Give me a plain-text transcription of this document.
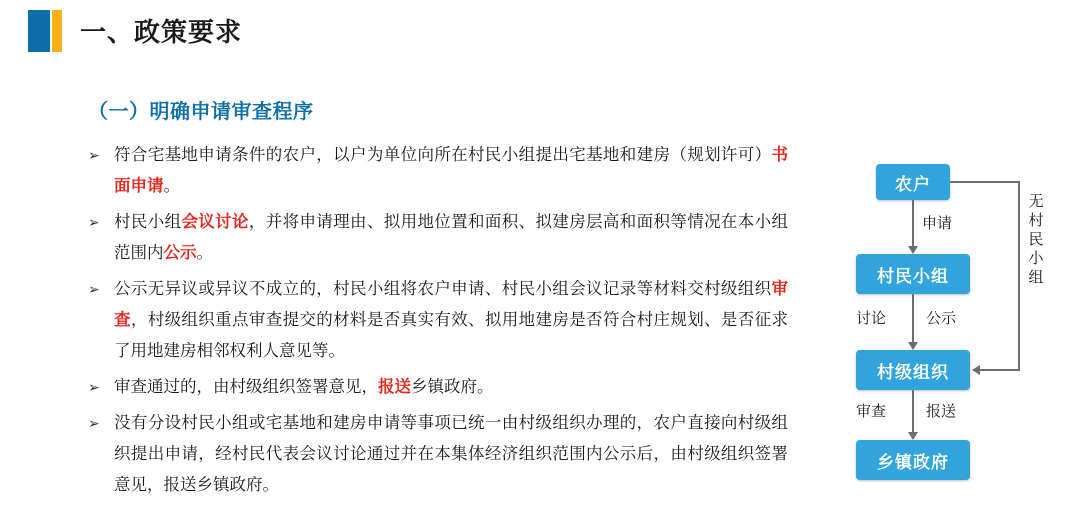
一、政策要求
（一）明确申请审查程序
➢ 符合宅基地申请条件的农户，以户为单位向所在村民小组提出宅基地和建房（规划许可）书面申请。
➢ 村民小组会议讨论，并将申请理由、拟用地位置和面积、拟建房层高和面积等情况在本小组范围内公示。
➢ 公示无异议或异议不成立的，村民小组将农户申请、村民小组会议记录等材料交村级组织审查，村级组织重点审查提交的材料是否真实有效、拟用地建房是否符合村庄规划、是否征求了用地建房相邻权利人意见等。
➢ 审查通过的，由村级组织签署意见，报送乡镇政府。
➢ 没有分设村民小组或宅基地和建房申请等事项已统一由村级组织办理的，农户直接向村级组织提出申请，经村民代表会议讨论通过并在本集体经济组织范围内公示后，由村级组织签署意见，报送乡镇政府。
农户
村民小组
村级组织
乡镇政府
申请
讨论	公示
审查	报送
无村民小组
